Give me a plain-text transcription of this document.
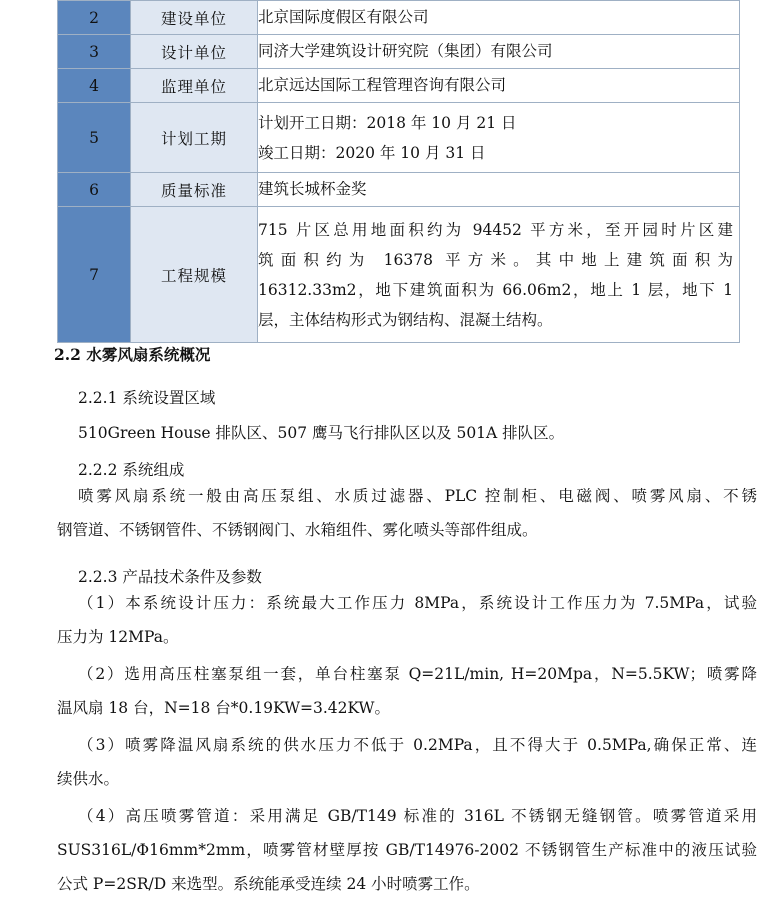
2	建设单位	北京国际度假区有限公司
3	设计单位	同济大学建筑设计研究院（集团）有限公司
4	监理单位	北京远达国际工程管理咨询有限公司
5	计划工期	计划开工日期：2018 年 10 月 21 日
竣工日期：2020 年 10 月 31 日

6	质量标准	建筑长城杯金奖
7	工程规模	715 片区总用地面积约为 94452 平方米，至开园时片区建
筑面积约为 16378 平方米。其中地上建筑面积为
16312.33m2，地下建筑面积为 66.06m2，地上 1 层，地下 1
层，主体结构形式为钢结构、混凝土结构。
2.2 水雾风扇系统概况
2.2.1 系统设置区域
510Green House 排队区、507 鹰马飞行排队区以及 501A 排队区。
2.2.2 系统组成
喷雾风扇系统一般由高压泵组、水质过滤器、PLC 控制柜、电磁阀、喷雾风扇、不锈
钢管道、不锈钢管件、不锈钢阀门、水箱组件、雾化喷头等部件组成。
2.2.3 产品技术条件及参数
（1）本系统设计压力：系统最大工作压力 8MPa，系统设计工作压力为 7.5MPa，试验
压力为 12MPa。
（2）选用高压柱塞泵组一套，单台柱塞泵 Q=21L/min, H=20Mpa，N=5.5KW；喷雾降
温风扇 18 台，N=18 台*0.19KW=3.42KW。
（3）喷雾降温风扇系统的供水压力不低于 0.2MPa，且不得大于 0.5MPa,确保正常、连
续供水。
（4）高压喷雾管道：采用满足 GB/T149 标准的 316L 不锈钢无缝钢管。喷雾管道采用
SUS316L/Φ16mm*2mm，喷雾管材壁厚按 GB/T14976-2002 不锈钢管生产标准中的液压试验
公式 P=2SR/D 来选型。系统能承受连续 24 小时喷雾工作。
